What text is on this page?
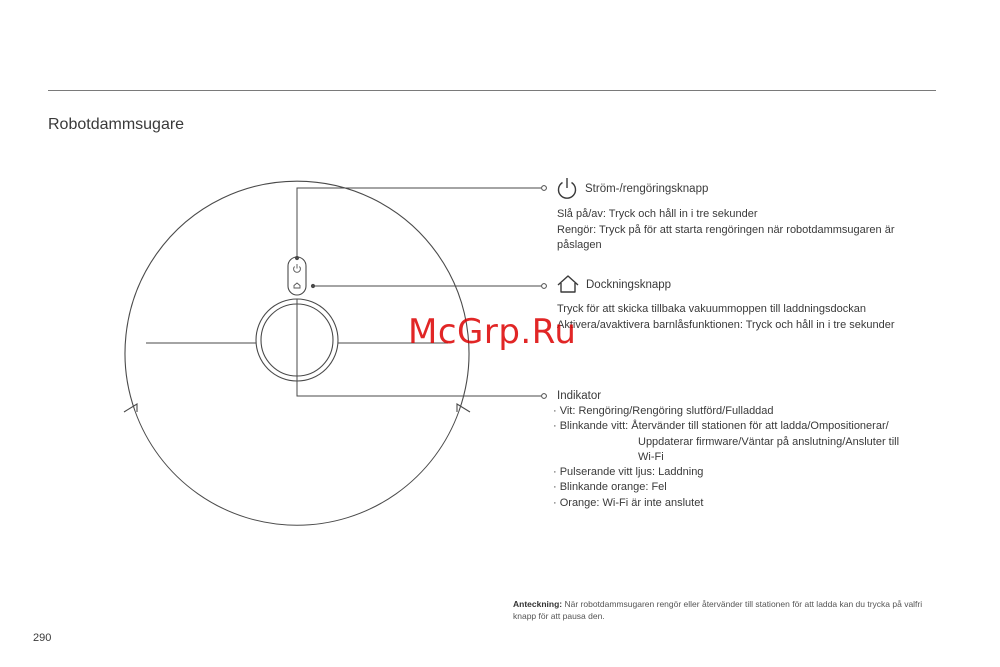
Robotdammsugare
Ström-/rengöringsknapp
Slå på/av: Tryck och håll in i tre sekunder
Rengör: Tryck på för att starta rengöringen när robotdammsugaren är
påslagen
Dockningsknapp
Tryck för att skicka tillbaka vakuummoppen till laddningsdockan
Aktivera/avaktivera barnlåsfunktionen: Tryck och håll in i tre sekunder
Indikator
· Vit: Rengöring/Rengöring slutförd/Fulladdad
· Blinkande vitt: Återvänder till stationen för att ladda/Ompositionerar/
Uppdaterar firmware/Väntar på anslutning/Ansluter till
Wi-Fi
· Pulserande vitt ljus: Laddning
· Blinkande orange: Fel
· Orange: Wi-Fi är inte anslutet
McGrp.Ru
Anteckning: När robotdammsugaren rengör eller återvänder till stationen för att ladda kan du trycka på valfri knapp för att pausa den.
290
